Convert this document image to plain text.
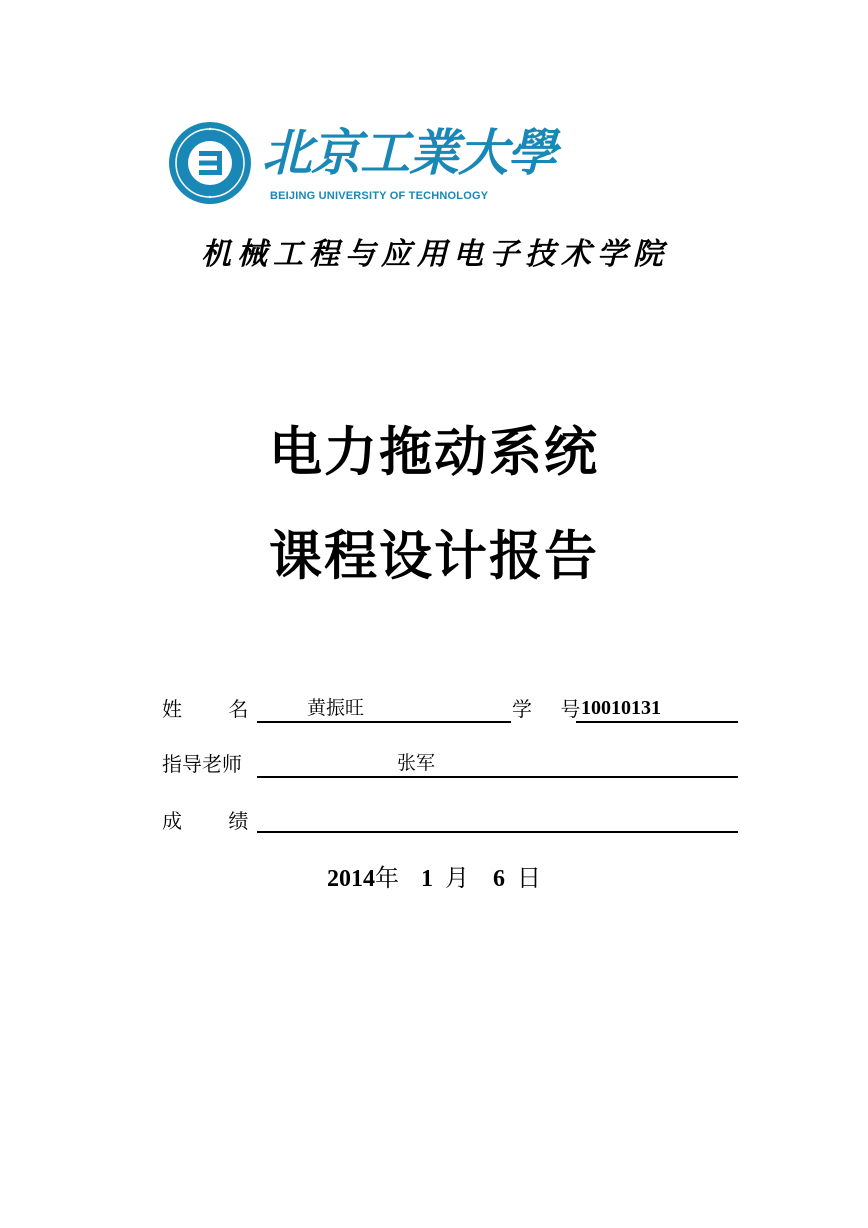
北京工業大學
BEIJING UNIVERSITY OF TECHNOLOGY
机械工程与应用电子技术学院
电力拖动系统
课程设计报告
姓 名	黄振旺	学 号 10010131
指导老师	张军
成 绩
2014年 1 月 6 日
